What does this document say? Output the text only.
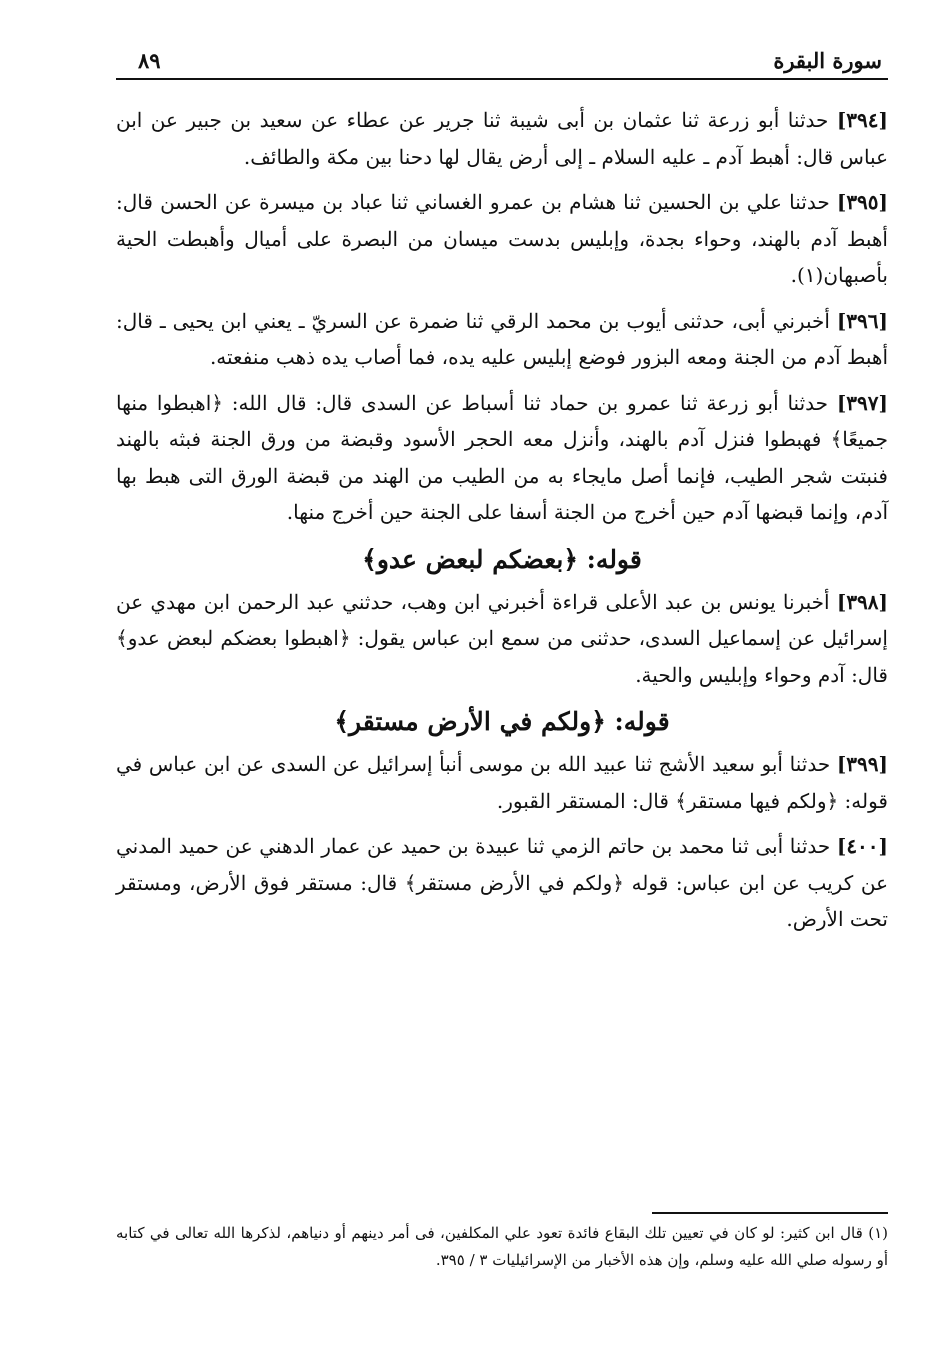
سورة البقرة
٨٩

[٣٩٤] حدثنا أبو زرعة ثنا عثمان بن أبى شيبة ثنا جرير عن عطاء عن سعيد بن جبير عن ابن عباس قال: أهبط آدم ـ عليه السلام ـ إلى أرض يقال لها دحنا بين مكة والطائف.

[٣٩٥] حدثنا علي بن الحسين ثنا هشام بن عمرو الغساني ثنا عباد بن ميسرة عن الحسن قال: أهبط آدم بالهند، وحواء بجدة، وإبليس بدست ميسان من البصرة على أميال وأهبطت الحية بأصبهان(١).

[٣٩٦] أخبرني أبى، حدثنى أيوب بن محمد الرقي ثنا ضمرة عن السريّ ـ يعني ابن يحيى ـ قال: أهبط آدم من الجنة ومعه البزور فوضع إبليس عليه يده، فما أصاب يده ذهب منفعته.

[٣٩٧] حدثنا أبو زرعة ثنا عمرو بن حماد ثنا أسباط عن السدى قال: قال الله: ﴿اهبطوا منها جميعًا﴾ فهبطوا فنزل آدم بالهند، وأنزل معه الحجر الأسود وقبضة من ورق الجنة فبثه بالهند فنبتت شجر الطيب، فإنما أصل مايجاء به من الطيب من الهند من قبضة الورق التى هبط بها آدم، وإنما قبضها آدم حين أخرج من الجنة أسفا على الجنة حين أخرج منها.

قوله: ﴿بعضكم لبعض عدو﴾

[٣٩٨] أخبرنا يونس بن عبد الأعلى قراءة أخبرني ابن وهب، حدثني عبد الرحمن ابن مهدي عن إسرائيل عن إسماعيل السدى، حدثنى من سمع ابن عباس يقول: ﴿اهبطوا بعضكم لبعض عدو﴾ قال: آدم وحواء وإبليس والحية.

قوله: ﴿ولكم في الأرض مستقر﴾

[٣٩٩] حدثنا أبو سعيد الأشج ثنا عبيد الله بن موسى أنبأ إسرائيل عن السدى عن ابن عباس في قوله: ﴿ولكم فيها مستقر﴾ قال: المستقر القبور.

[٤٠٠] حدثنا أبى ثنا محمد بن حاتم الزمي ثنا عبيدة بن حميد عن عمار الدهني عن حميد المدني عن كريب عن ابن عباس: قوله ﴿ولكم في الأرض مستقر﴾ قال: مستقر فوق الأرض، ومستقر تحت الأرض.

(١) قال ابن كثير: لو كان في تعيين تلك البقاع فائدة تعود علي المكلفين، فى أمر دينهم أو دنياهم، لذكرها الله تعالى في كتابه أو رسوله صلي الله عليه وسلم، وإن هذه الأخبار من الإسرائيليات ٣ / ٣٩٥.
